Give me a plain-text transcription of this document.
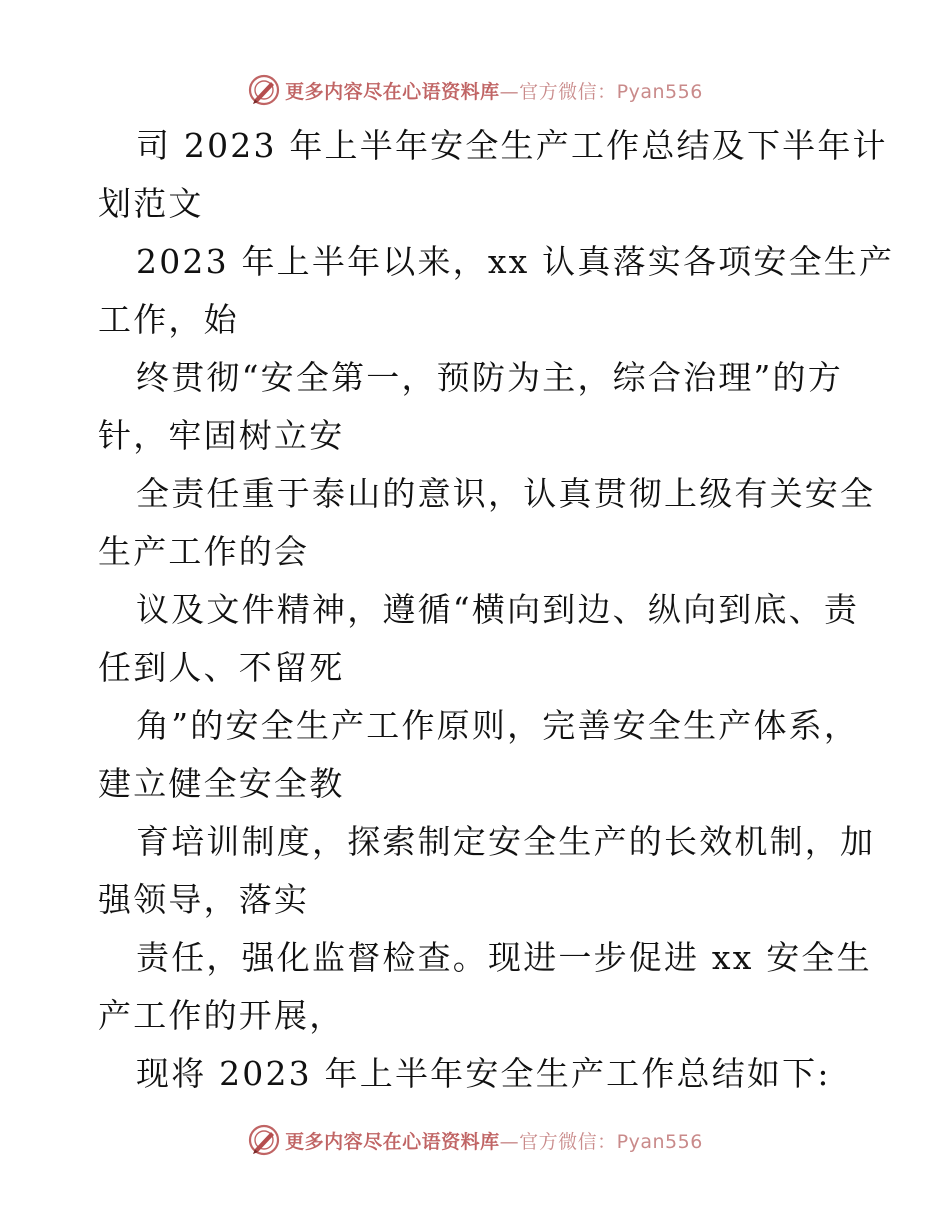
更多内容尽在心语资料库—官方微信：Pyan556
司 2023 年上半年安全生产工作总结及下半年计
划范文
2023 年上半年以来，xx 认真落实各项安全生产
工作，始
终贯彻“安全第一，预防为主，综合治理”的方
针，牢固树立安
全责任重于泰山的意识，认真贯彻上级有关安全
生产工作的会
议及文件精神，遵循“横向到边、纵向到底、责
任到人、不留死
角”的安全生产工作原则，完善安全生产体系，
建立健全安全教
育培训制度，探索制定安全生产的长效机制，加
强领导，落实
责任，强化监督检查。现进一步促进 xx 安全生
产工作的开展，
现将 2023 年上半年安全生产工作总结如下:
更多内容尽在心语资料库—官方微信：Pyan556
